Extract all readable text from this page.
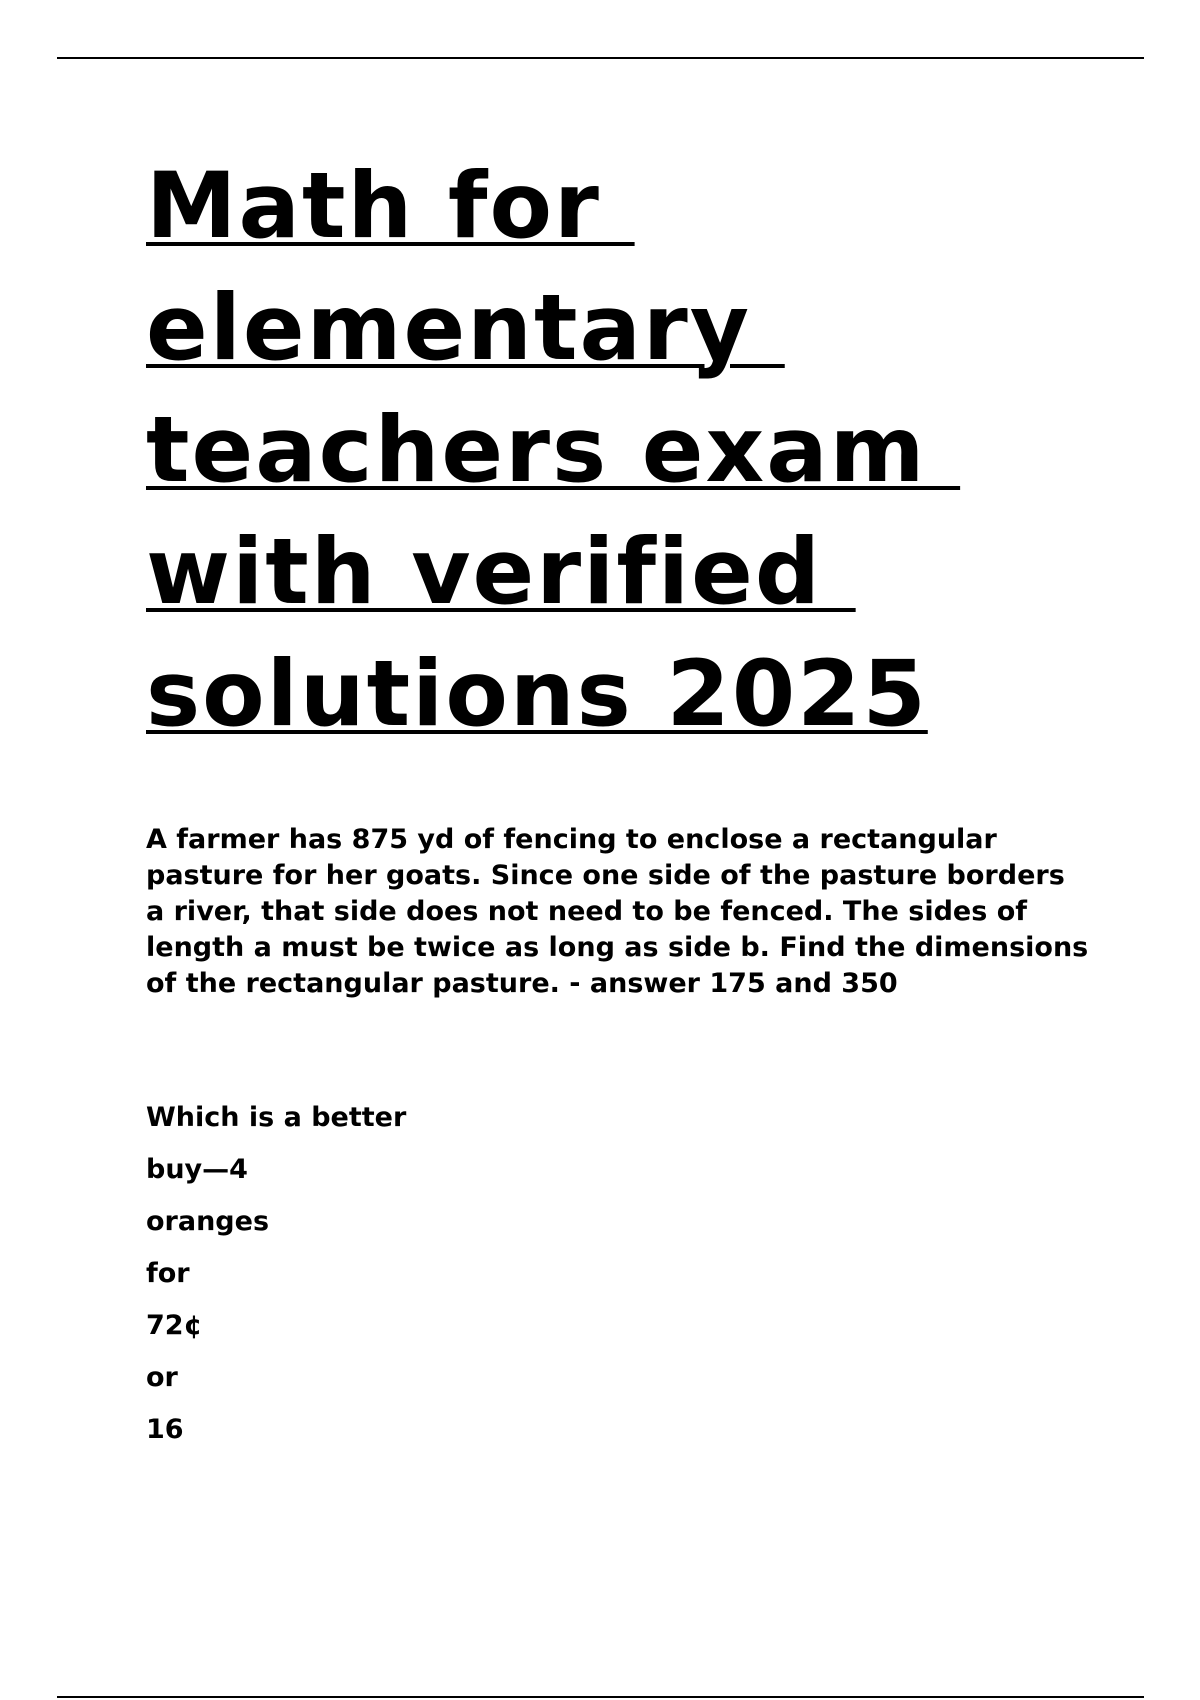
Math for
elementary
teachers exam
with verified
solutions 2025

A farmer has 875 yd of fencing to enclose a rectangular pasture for her goats. Since one side of the pasture borders a river, that side does not need to be fenced. The sides of length a must be twice as long as side b. Find the dimensions of the rectangular pasture. - answer 175 and 350

Which is a better
buy—4
oranges
for
72¢
or
16
